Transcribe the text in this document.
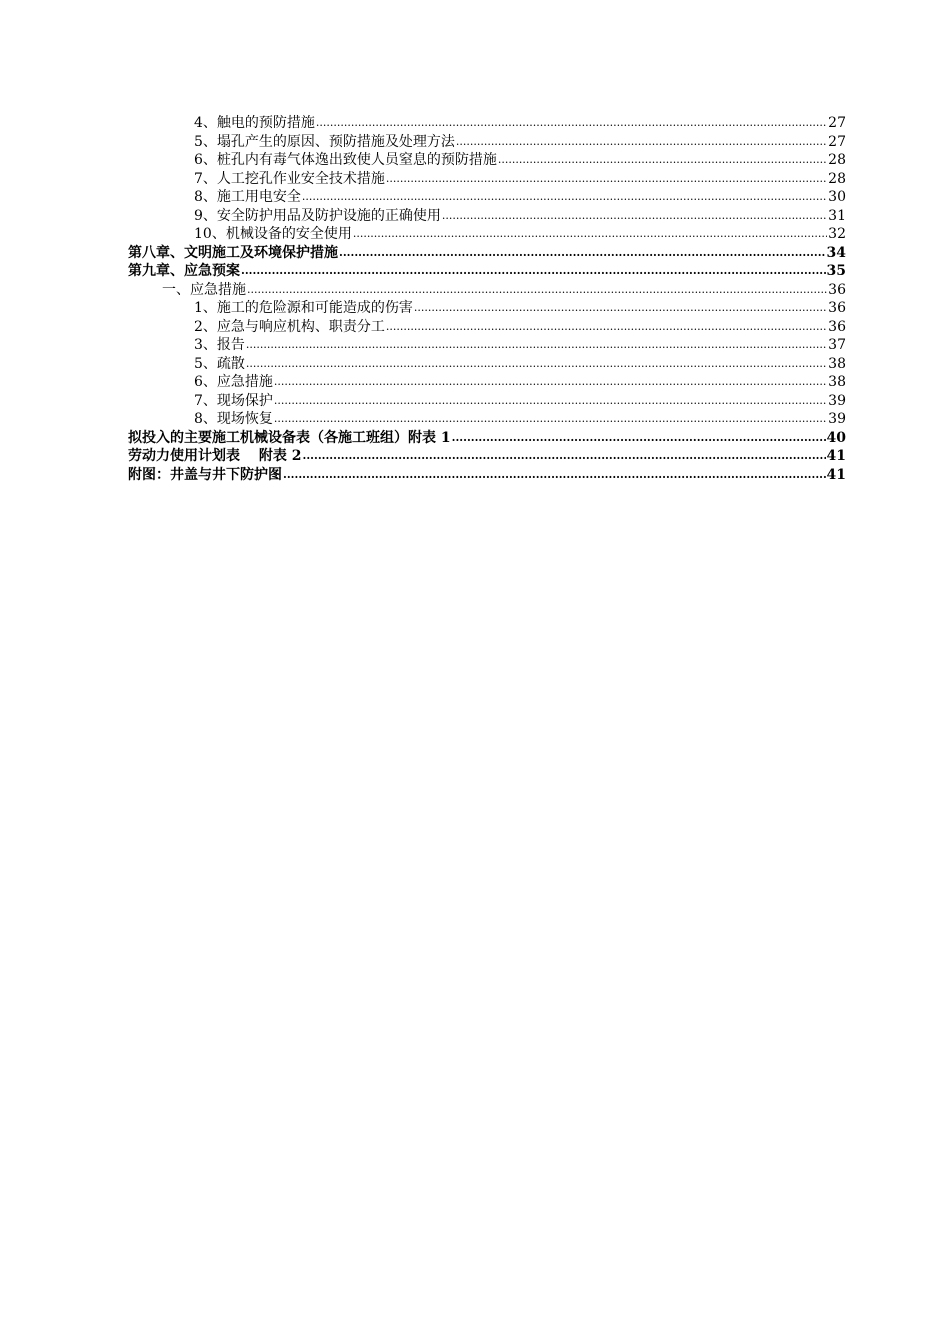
4、触电的预防措施 .....	27
5、塌孔产生的原因、预防措施及处理方法 .....	27
6、桩孔内有毒气体逸出致使人员窒息的预防措施 .....	28
7、人工挖孔作业安全技术措施 .....	28
8、施工用电安全 .....	30
9、安全防护用品及防护设施的正确使用 .....	31
10、机械设备的安全使用 .....	32
第八章、文明施工及环境保护措施 .....	34
第九章、应急预案 .....	35
一、应急措施 .....	36
1、施工的危险源和可能造成的伤害 .....	36
2、应急与响应机构、职责分工 .....	36
3、报告 .....	37
5、疏散 .....	38
6、应急措施 .....	38
7、现场保护 .....	39
8、现场恢复 .....	39
拟投入的主要施工机械设备表（各施工班组）附表 1 .....	40
劳动力使用计划表　 附表 2 .....	41
附图：井盖与井下防护图 .....	41
